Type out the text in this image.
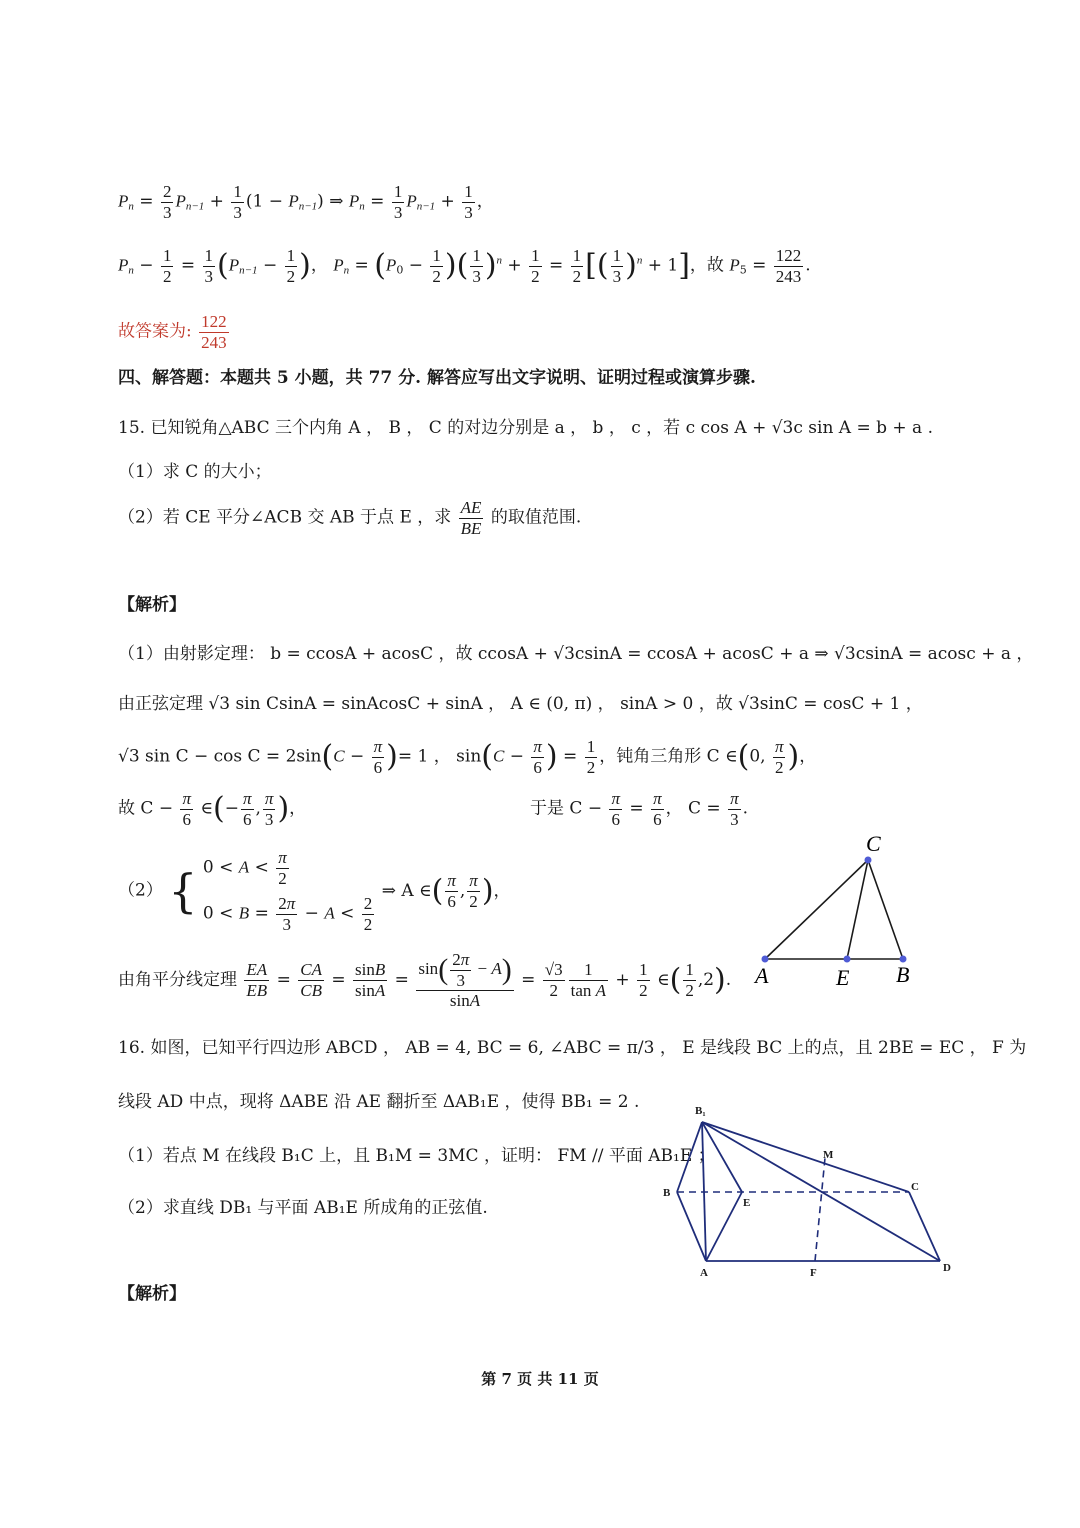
$P_n = \frac{2}{3} P_{n-1} + \frac{1}{3} (1 - P_{n-1})$ ⇒ $P_n = \frac{1}{3} P_{n-1} + \frac{1}{3}$ ，
$P_n - \frac{1}{2} = \frac{1}{3} (P_{n-1} - \frac{1}{2}$ )， $P_n = (P_0 - \frac{1}{2}$ )( $\frac{1}{3} )^n + \frac{1}{2} = \frac{1}{2}$ [( $\frac{1}{3} )^n + 1$]，故 $P_5 = \frac{122}{243}$ .
故答案为: $\frac{122}{243}$
四、解答题：本题共 5 小题，共 77 分. 解答应写出文字说明、证明过程或演算步骤.
15. 已知锐角△ABC 三个内角 A ， B ， C 的对边分别是 a ， b ， c ，若 c cos A + √3c sin A = b + a .
（1）求 C 的大小；
（2）若 CE 平分∠ACB 交 AB 于点 E ，求 $\frac{AE}{BE}$ 的取值范围.
【解析】
（1）由射影定理： b = ccosA + acosC ，故 ccosA + √3csinA = ccosA + acosC + a ⇒ √3csinA = acosc + a ，
由正弦定理 √3 sin CsinA = sinAcosC + sinA ， A ∈ (0, π) ， sinA > 0 ，故 √3sinC = cosC + 1 ，
√3 $\sin C - \cos C = 2\sin(C - \frac{\pi}{6}$ )= 1 ， $\sin(C - \frac{\pi}{6}$ ) = $\frac{1}{2}$ ，钝角三角形 C ∈(0, $\frac{\pi}{2}$ )，
故 $C - \frac{\pi}{6}$ ∈(− $\frac{\pi}{6}$ , $\frac{\pi}{3}$ )，	于是 $C - \frac{\pi}{6} = \frac{\pi}{6}$ ， $C = \frac{\pi}{3}$ .
（2） { $0 < A < \frac{\pi}{2}$
$0 < B = \frac{2\pi}{3} - A < \frac{2}{2}$
⇒ A ∈( $\frac{\pi}{6}$ , $\frac{\pi}{2}$ )，
由角平分线定理 $\frac{EA}{EB} = \frac{CA}{CB} = \frac{\sin B}{\sin A} = \frac{\sin( \frac{2\pi}{3} - A)}{\sin A} = \frac{√3}{2} \frac{1}{\text{tan A}} + \frac{1}{2}$ ∈( $\frac{1}{2} ,2$).
C
A	E B
16. 如图，已知平行四边形 ABCD ， AB = 4, BC = 6, ∠ABC = π/3 ， E 是线段 BC 上的点，且 2BE = EC ， F 为
线段 AD 中点，现将 ΔABE 沿 AE 翻折至 ΔAB₁E ，使得 BB₁ = 2 .
（1）若点 M 在线段 B₁C 上，且 B₁M = 3MC ，证明： FM // 平面 AB₁E ；
（2）求直线 DB₁ 与平面 AB₁E 所成角的正弦值.
B₁
B
E
C
M
A	F	D
【解析】
第 7 页 共 11 页
